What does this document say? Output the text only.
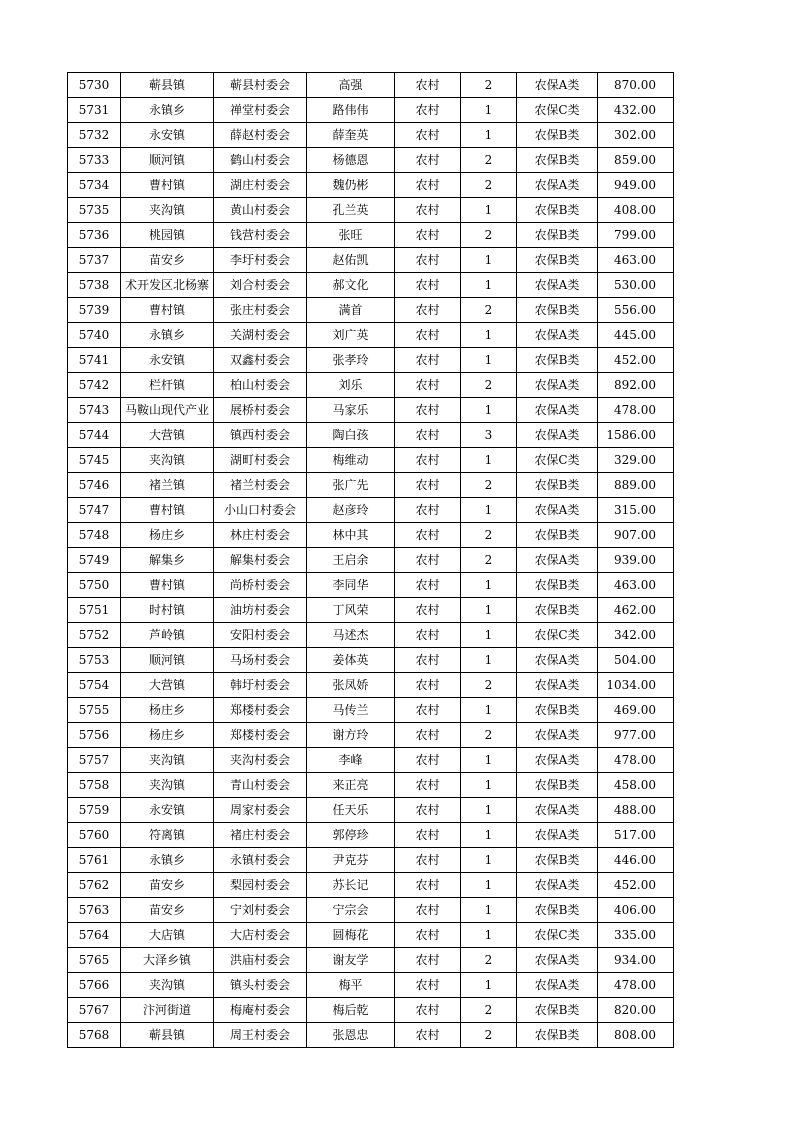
5730	蕲县镇	蕲县村委会	高强	农村	2	农保A类	870.00
5731	永镇乡	禅堂村委会	路伟伟	农村	1	农保C类	432.00
5732	永安镇	薛赵村委会	薛奎英	农村	1	农保B类	302.00
5733	顺河镇	鹤山村委会	杨德恩	农村	2	农保B类	859.00
5734	曹村镇	湖庄村委会	魏仍彬	农村	2	农保A类	949.00
5735	夹沟镇	黄山村委会	孔兰英	农村	1	农保B类	408.00
5736	桃园镇	钱营村委会	张旺	农村	2	农保B类	799.00
5737	苗安乡	李圩村委会	赵佑凯	农村	1	农保B类	463.00
5738	术开发区北杨寨	刘合村委会	郝文化	农村	1	农保A类	530.00
5739	曹村镇	张庄村委会	满首	农村	2	农保B类	556.00
5740	永镇乡	关湖村委会	刘广英	农村	1	农保A类	445.00
5741	永安镇	双鑫村委会	张孝玲	农村	1	农保B类	452.00
5742	栏杆镇	柏山村委会	刘乐	农村	2	农保A类	892.00
5743	马鞍山现代产业	展桥村委会	马家乐	农村	1	农保A类	478.00
5744	大营镇	镇西村委会	陶白孩	农村	3	农保A类	1586.00
5745	夹沟镇	湖町村委会	梅维动	农村	1	农保C类	329.00
5746	褚兰镇	褚兰村委会	张广先	农村	2	农保B类	889.00
5747	曹村镇	小山口村委会	赵彦玲	农村	1	农保A类	315.00
5748	杨庄乡	林庄村委会	林中其	农村	2	农保B类	907.00
5749	解集乡	解集村委会	王启余	农村	2	农保A类	939.00
5750	曹村镇	尚桥村委会	李同华	农村	1	农保B类	463.00
5751	时村镇	油坊村委会	丁风荣	农村	1	农保B类	462.00
5752	芦岭镇	安阳村委会	马述杰	农村	1	农保C类	342.00
5753	顺河镇	马场村委会	姜体英	农村	1	农保A类	504.00
5754	大营镇	韩圩村委会	张凤娇	农村	2	农保A类	1034.00
5755	杨庄乡	郑楼村委会	马传兰	农村	1	农保B类	469.00
5756	杨庄乡	郑楼村委会	谢方玲	农村	2	农保A类	977.00
5757	夹沟镇	夹沟村委会	李峰	农村	1	农保A类	478.00
5758	夹沟镇	青山村委会	来正亮	农村	1	农保B类	458.00
5759	永安镇	周家村委会	任天乐	农村	1	农保A类	488.00
5760	符离镇	褚庄村委会	郭停珍	农村	1	农保A类	517.00
5761	永镇乡	永镇村委会	尹克芬	农村	1	农保B类	446.00
5762	苗安乡	梨园村委会	苏长记	农村	1	农保A类	452.00
5763	苗安乡	宁刘村委会	宁宗会	农村	1	农保B类	406.00
5764	大店镇	大店村委会	圆梅花	农村	1	农保C类	335.00
5765	大泽乡镇	洪庙村委会	谢友学	农村	2	农保A类	934.00
5766	夹沟镇	镇头村委会	梅平	农村	1	农保A类	478.00
5767	汴河街道	梅庵村委会	梅后乾	农村	2	农保B类	820.00
5768	蕲县镇	周王村委会	张恩忠	农村	2	农保B类	808.00
